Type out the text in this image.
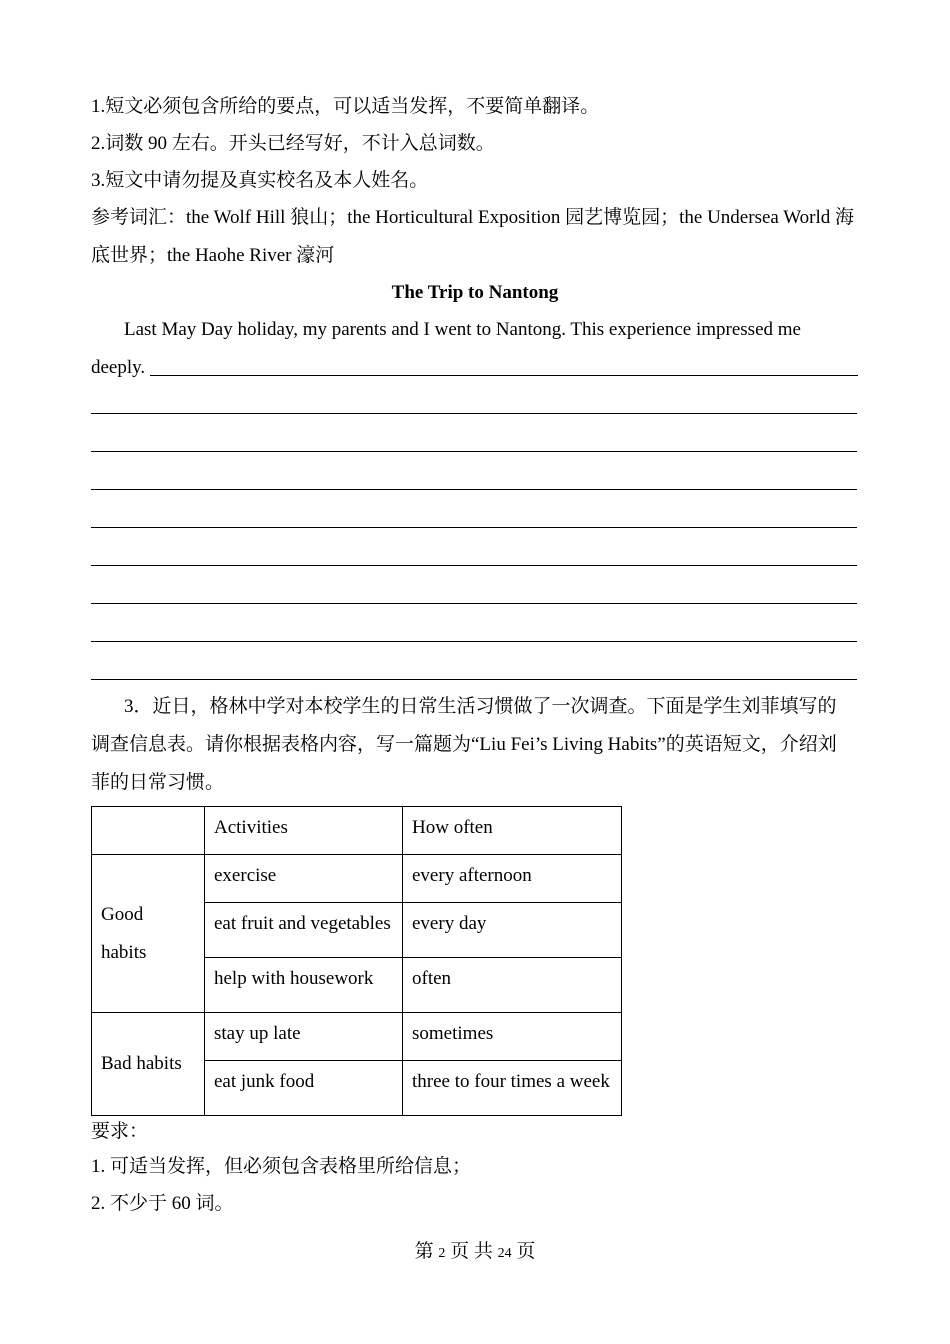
1.短文必须包含所给的要点，可以适当发挥，不要简单翻译。
2.词数 90 左右。开头已经写好，不计入总词数。
3.短文中请勿提及真实校名及本人姓名。
参考词汇：the Wolf Hill 狼山；the Horticultural Exposition 园艺博览园；the Undersea World 海
底世界；the Haohe River 濠河
The Trip to Nantong
Last May Day holiday, my parents and I went to Nantong. This experience impressed me
deeply.
3．近日，格林中学对本校学生的日常生活习惯做了一次调查。下面是学生刘菲填写的
调查信息表。请你根据表格内容，写一篇题为“Liu Fei’s Living Habits”的英语短文，介绍刘
菲的日常习惯。
	Activities	How often

Good
habits	exercise	every afternoon
	eat fruit and vegetables	every day
	help with housework	often
Bad habits	stay up late	sometimes
	eat junk food	three to four times a week
要求：
1. 可适当发挥，但必须包含表格里所给信息；
2. 不少于 60 词。
第 2 页 共 24 页
